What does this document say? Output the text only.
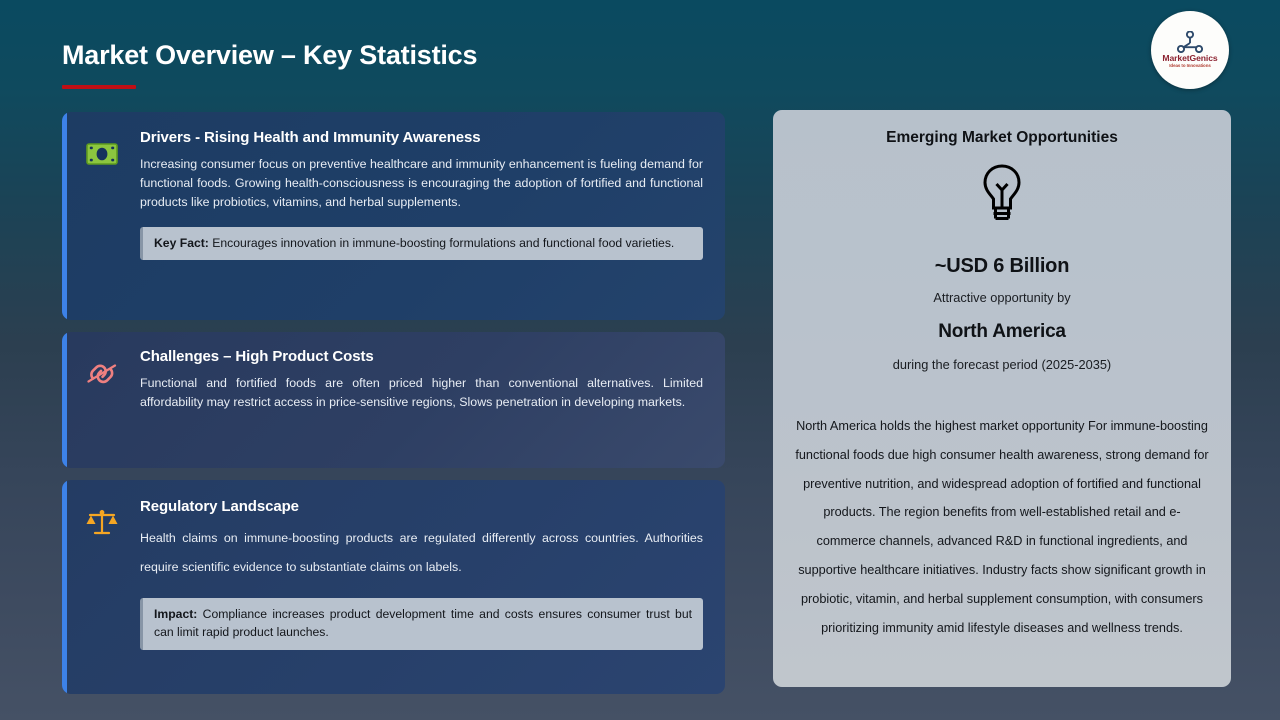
Market Overview – Key Statistics	MarketGenics
Ideas to Innovations
Drivers - Rising Health and Immunity Awareness

Increasing consumer focus on preventive healthcare and immunity enhancement is fueling demand for functional foods. Growing health-consciousness is encouraging the adoption of fortified and functional products like probiotics, vitamins, and herbal supplements.

Key Fact: Encourages innovation in immune-boosting formulations and functional food varieties.
Challenges – High Product Costs

Functional and fortified foods are often priced higher than conventional alternatives. Limited affordability may restrict access in price-sensitive regions, Slows penetration in developing markets.

Regulatory Landscape

Health claims on immune-boosting products are regulated differently across countries. Authorities require scientific evidence to substantiate claims on labels.

Impact: Compliance increases product development time and costs ensures consumer trust but can limit rapid product launches.
Emerging Market Opportunities
~USD 6 Billion
Attractive opportunity by
North America
during the forecast period (2025-2035)
North America holds the highest market opportunity For immune-boosting functional foods due high consumer health awareness, strong demand for preventive nutrition, and widespread adoption of fortified and functional products. The region benefits from well-established retail and e-commerce channels, advanced R&D in functional ingredients, and supportive healthcare initiatives. Industry facts show significant growth in probiotic, vitamin, and herbal supplement consumption, with consumers prioritizing immunity amid lifestyle diseases and wellness trends.
